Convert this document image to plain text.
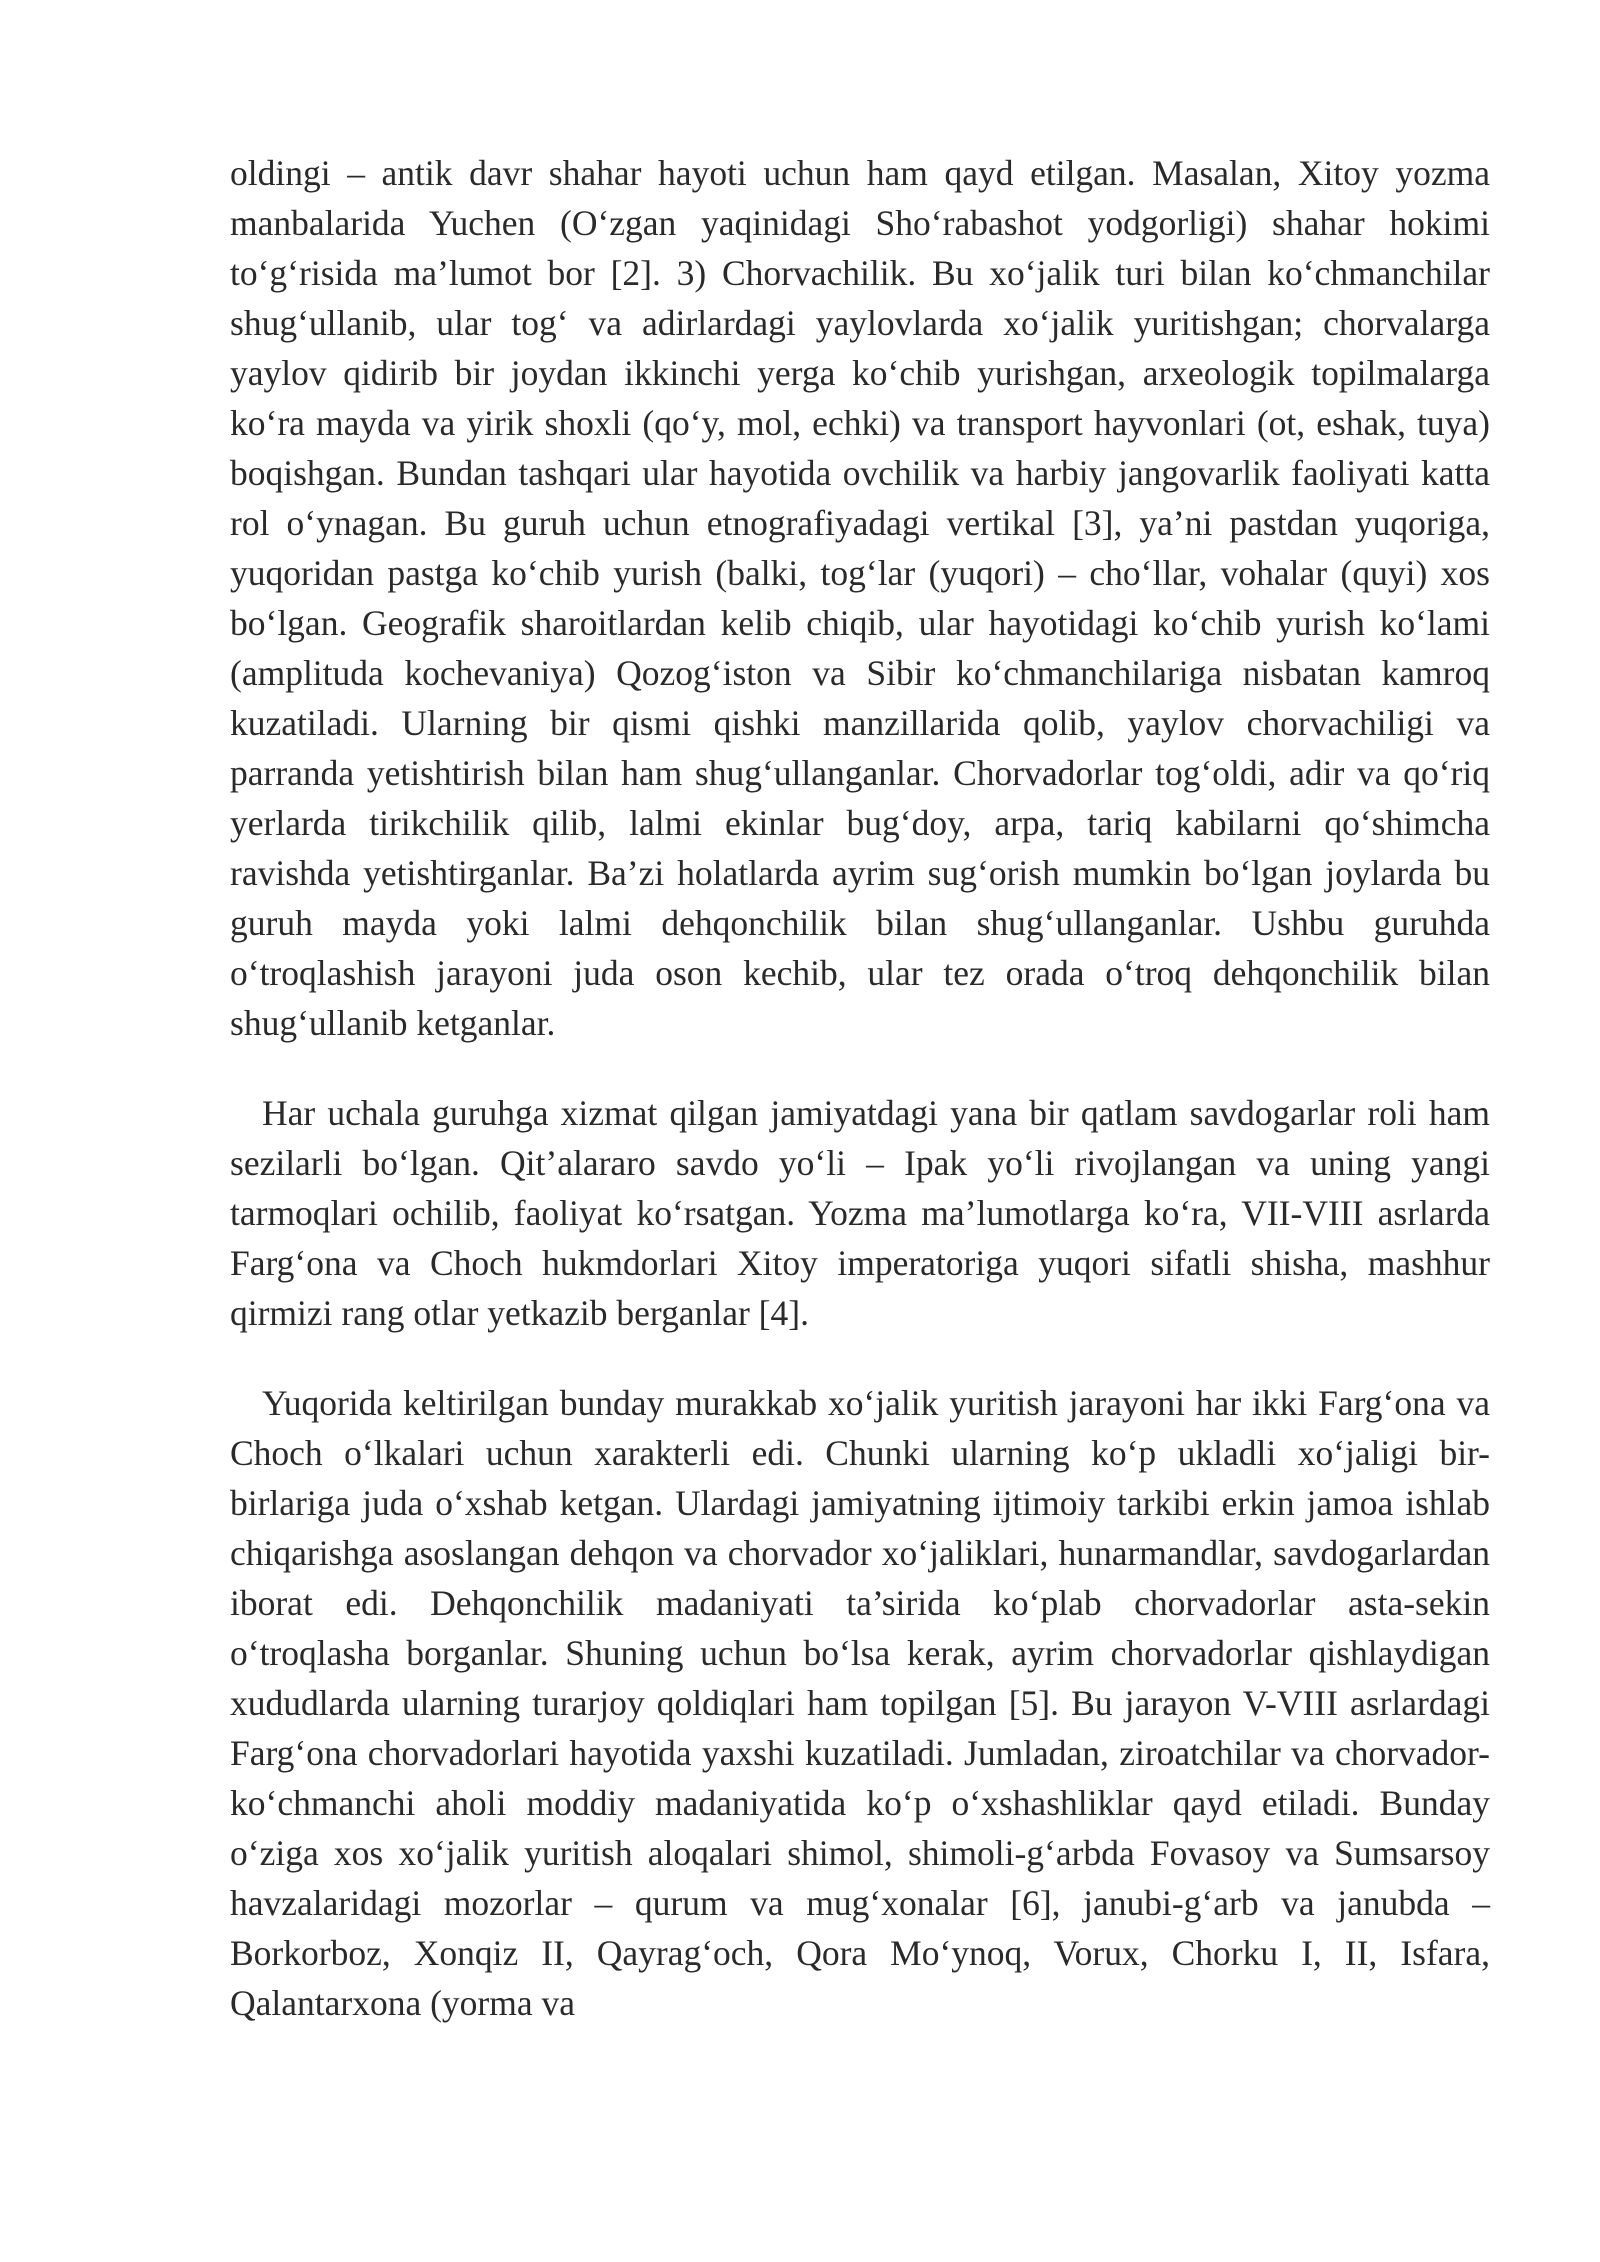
oldingi – antik davr shahar hayoti uchun ham qayd etilgan. Masalan, Xitoy yozma manbalarida Yuchen (O‘zgan yaqinidagi Sho‘rabashot yodgorligi) shahar hokimi to‘g‘risida ma’lumot bor [2]. 3) Chorvachilik. Bu xo‘jalik turi bilan ko‘chmanchilar shug‘ullanib, ular tog‘ va adirlardagi yaylovlarda xo‘jalik yuritishgan; chorvalarga yaylov qidirib bir joydan ikkinchi yerga ko‘chib yurishgan, arxeologik topilmalarga ko‘ra mayda va yirik shoxli (qo‘y, mol, echki) va transport hayvonlari (ot, eshak, tuya) boqishgan. Bundan tashqari ular hayotida ovchilik va harbiy jangovarlik faoliyati katta rol o‘ynagan. Bu guruh uchun etnografiyadagi vertikal [3], ya’ni pastdan yuqoriga, yuqoridan pastga ko‘chib yurish (balki, tog‘lar (yuqori) – cho‘llar, vohalar (quyi) xos bo‘lgan. Geografik sharoitlardan kelib chiqib, ular hayotidagi ko‘chib yurish ko‘lami (amplituda kochevaniya) Qozog‘iston va Sibir ko‘chmanchilariga nisbatan kamroq kuzatiladi. Ularning bir qismi qishki manzillarida qolib, yaylov chorvachiligi va parranda yetishtirish bilan ham shug‘ullanganlar. Chorvadorlar tog‘oldi, adir va qo‘riq yerlarda tirikchilik qilib, lalmi ekinlar bug‘doy, arpa, tariq kabilarni qo‘shimcha ravishda yetishtirganlar. Ba’zi holatlarda ayrim sug‘orish mumkin bo‘lgan joylarda bu guruh mayda yoki lalmi dehqonchilik bilan shug‘ullanganlar. Ushbu guruhda o‘troqlashish jarayoni juda oson kechib, ular tez orada o‘troq dehqonchilik bilan shug‘ullanib ketganlar.

Har uchala guruhga xizmat qilgan jamiyatdagi yana bir qatlam savdogarlar roli ham sezilarli bo‘lgan. Qit’alararo savdo yo‘li – Ipak yo‘li rivojlangan va uning yangi tarmoqlari ochilib, faoliyat ko‘rsatgan. Yozma ma’lumotlarga ko‘ra, VII-VIII asrlarda Farg‘ona va Choch hukmdorlari Xitoy imperatoriga yuqori sifatli shisha, mashhur qirmizi rang otlar yetkazib berganlar [4].

Yuqorida keltirilgan bunday murakkab xo‘jalik yuritish jarayoni har ikki Farg‘ona va Choch o‘lkalari uchun xarakterli edi. Chunki ularning ko‘p ukladli xo‘jaligi bir- birlariga juda o‘xshab ketgan. Ulardagi jamiyatning ijtimoiy tarkibi erkin jamoa ishlab chiqarishga asoslangan dehqon va chorvador xo‘jaliklari, hunarmandlar, savdogarlardan iborat edi. Dehqonchilik madaniyati ta’sirida ko‘plab chorvadorlar asta-sekin o‘troqlasha borganlar. Shuning uchun bo‘lsa kerak, ayrim chorvadorlar qishlaydigan xududlarda ularning turarjoy qoldiqlari ham topilgan [5]. Bu jarayon V-VIII asrlardagi Farg‘ona chorvadorlari hayotida yaxshi kuzatiladi. Jumladan, ziroatchilar va chorvador-ko‘chmanchi aholi moddiy madaniyatida ko‘p o‘xshashliklar qayd etiladi. Bunday o‘ziga xos xo‘jalik yuritish aloqalari shimol, shimoli-g‘arbda Fovasoy va Sumsarsoy havzalaridagi mozorlar – qurum va mug‘xonalar [6], janubi-g‘arb va janubda – Borkorboz, Xonqiz II, Qayrag‘och, Qora Mo‘ynoq, Vorux, Chorku I, II, Isfara, Qalantarxona (yorma va
